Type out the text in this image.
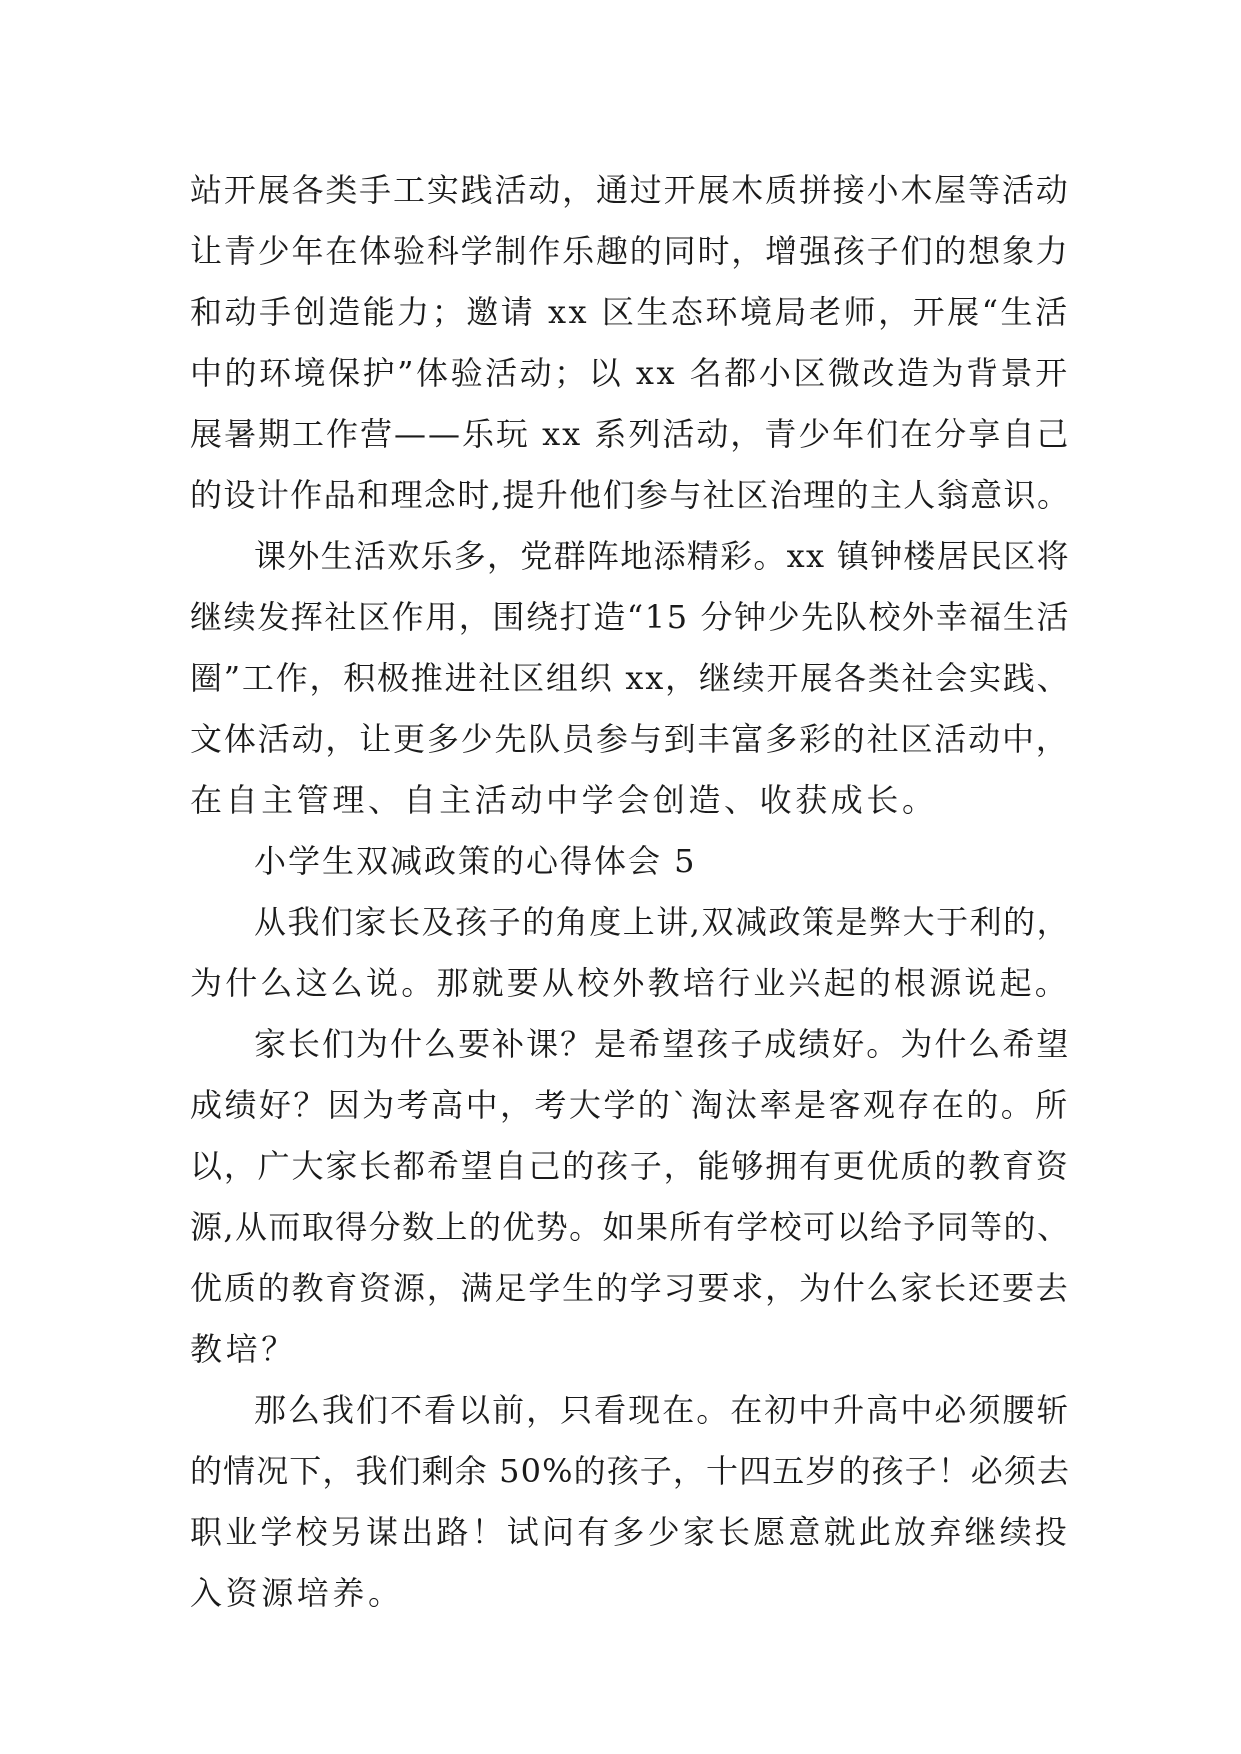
站开展各类手工实践活动，通过开展木质拼接小木屋等活动
让青少年在体验科学制作乐趣的同时，增强孩子们的想象力
和动手创造能力；邀请 xx 区生态环境局老师，开展“生活
中的环境保护”体验活动；以 xx 名都小区微改造为背景开
展暑期工作营——乐玩 xx 系列活动，青少年们在分享自己
的设计作品和理念时,提升他们参与社区治理的主人翁意识。
课外生活欢乐多，党群阵地添精彩。xx 镇钟楼居民区将
继续发挥社区作用，围绕打造“15 分钟少先队校外幸福生活
圈”工作，积极推进社区组织 xx，继续开展各类社会实践、
文体活动，让更多少先队员参与到丰富多彩的社区活动中，
在自主管理、自主活动中学会创造、收获成长。
小学生双减政策的心得体会 5
从我们家长及孩子的角度上讲,双减政策是弊大于利的，
为什么这么说。那就要从校外教培行业兴起的根源说起。
家长们为什么要补课？是希望孩子成绩好。为什么希望
成绩好？因为考高中，考大学的`淘汰率是客观存在的。所
以，广大家长都希望自己的孩子，能够拥有更优质的教育资
源,从而取得分数上的优势。如果所有学校可以给予同等的、
优质的教育资源，满足学生的学习要求，为什么家长还要去
教培？
那么我们不看以前，只看现在。在初中升高中必须腰斩
的情况下，我们剩余 50%的孩子，十四五岁的孩子！必须去
职业学校另谋出路！试问有多少家长愿意就此放弃继续投
入资源培养。
